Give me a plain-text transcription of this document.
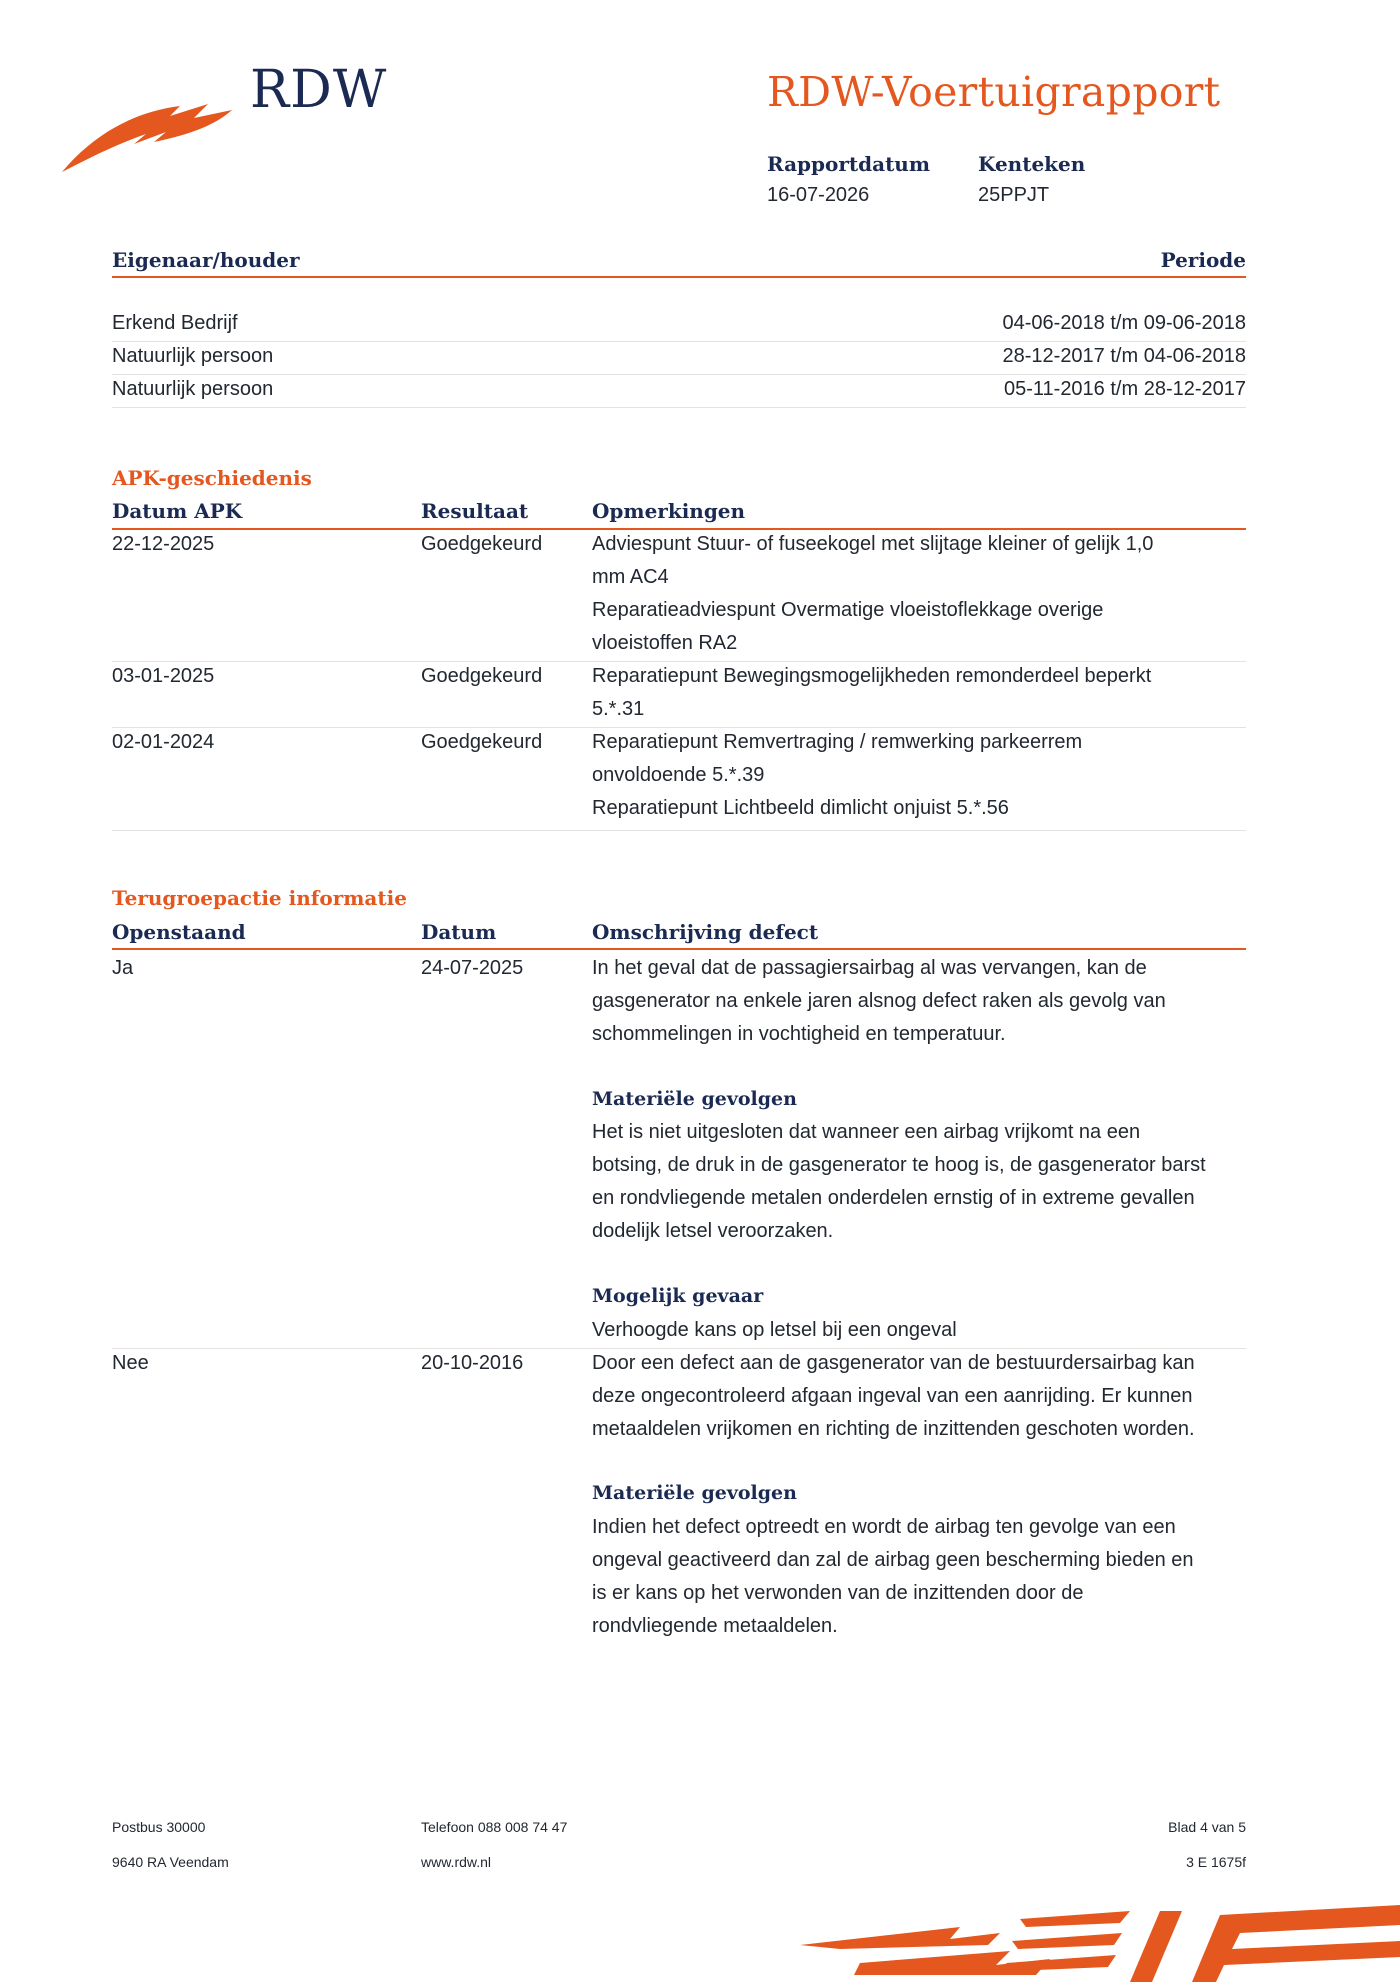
RDW	RDW-Voertuigrapport
Rapportdatum
16-07-2026
Kenteken
25PPJT
Eigenaar/houder	Periode
Erkend Bedrijf	04-06-2018 t/m 09-06-2018
Natuurlijk persoon	28-12-2017 t/m 04-06-2018
Natuurlijk persoon	05-11-2016 t/m 28-12-2017
APK-geschiedenis
Datum APK	Resultaat	Opmerkingen
22-12-2025	Goedgekeurd Adviespunt Stuur- of fuseekogel met slijtage kleiner of gelijk 1,0
mm AC4
Reparatieadviespunt Overmatige vloeistoflekkage overige
vloeistoffen RA2
03-01-2025	Goedgekeurd Reparatiepunt Bewegingsmogelijkheden remonderdeel beperkt
5.*.31
02-01-2024	Goedgekeurd Reparatiepunt Remvertraging / remwerking parkeerrem
onvoldoende 5.*.39
Reparatiepunt Lichtbeeld dimlicht onjuist 5.*.56
Terugroepactie informatie
Openstaand	Datum	Omschrijving defect
Ja	24-07-2025	In het geval dat de passagiersairbag al was vervangen, kan de
gasgenerator na enkele jaren alsnog defect raken als gevolg van
schommelingen in vochtigheid en temperatuur.
Materiële gevolgen
Het is niet uitgesloten dat wanneer een airbag vrijkomt na een
botsing, de druk in de gasgenerator te hoog is, de gasgenerator barst
en rondvliegende metalen onderdelen ernstig of in extreme gevallen
dodelijk letsel veroorzaken.
Mogelijk gevaar
Verhoogde kans op letsel bij een ongeval
Nee	20-10-2016	Door een defect aan de gasgenerator van de bestuurdersairbag kan
deze ongecontroleerd afgaan ingeval van een aanrijding. Er kunnen
metaaldelen vrijkomen en richting de inzittenden geschoten worden.
Materiële gevolgen
Indien het defect optreedt en wordt de airbag ten gevolge van een
ongeval geactiveerd dan zal de airbag geen bescherming bieden en
is er kans op het verwonden van de inzittenden door de
rondvliegende metaaldelen.
Postbus 30000
9640 RA Veendam
Telefoon 088 008 74 47
www.rdw.nl
Blad 4 van 5
3 E 1675f
